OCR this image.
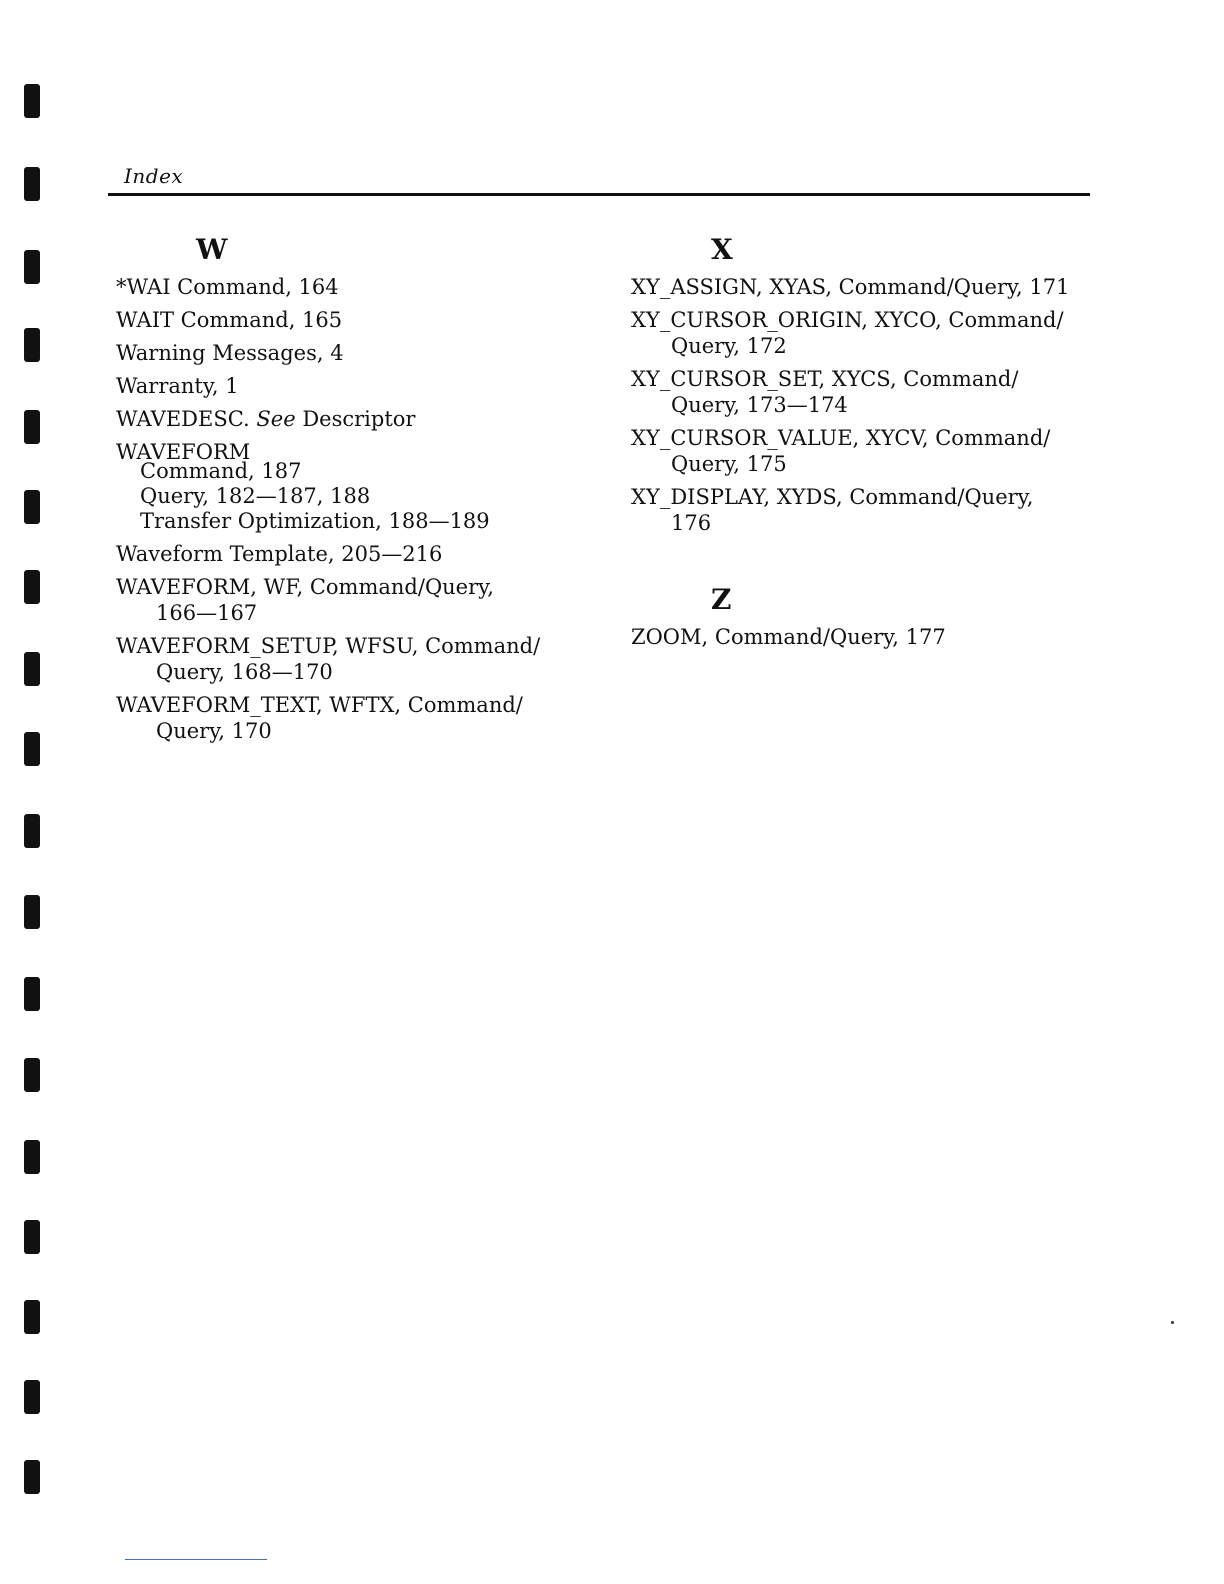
Index
W
*WAI Command, 164
WAIT Command, 165
Warning Messages, 4
Warranty, 1
WAVEDESC. See Descriptor
WAVEFORM
Command, 187
Query, 182—187, 188
Transfer Optimization, 188—189
Waveform Template, 205—216
WAVEFORM, WF, Command/Query,
166—167
WAVEFORM_SETUP, WFSU, Command/
Query, 168—170
WAVEFORM_TEXT, WFTX, Command/
Query, 170
X
XY_ASSIGN, XYAS, Command/Query, 171
XY_CURSOR_ORIGIN, XYCO, Command/
Query, 172
XY_CURSOR_SET, XYCS, Command/
Query, 173—174
XY_CURSOR_VALUE, XYCV, Command/
Query, 175
XY_DISPLAY, XYDS, Command/Query,
176
Z
ZOOM, Command/Query, 177
